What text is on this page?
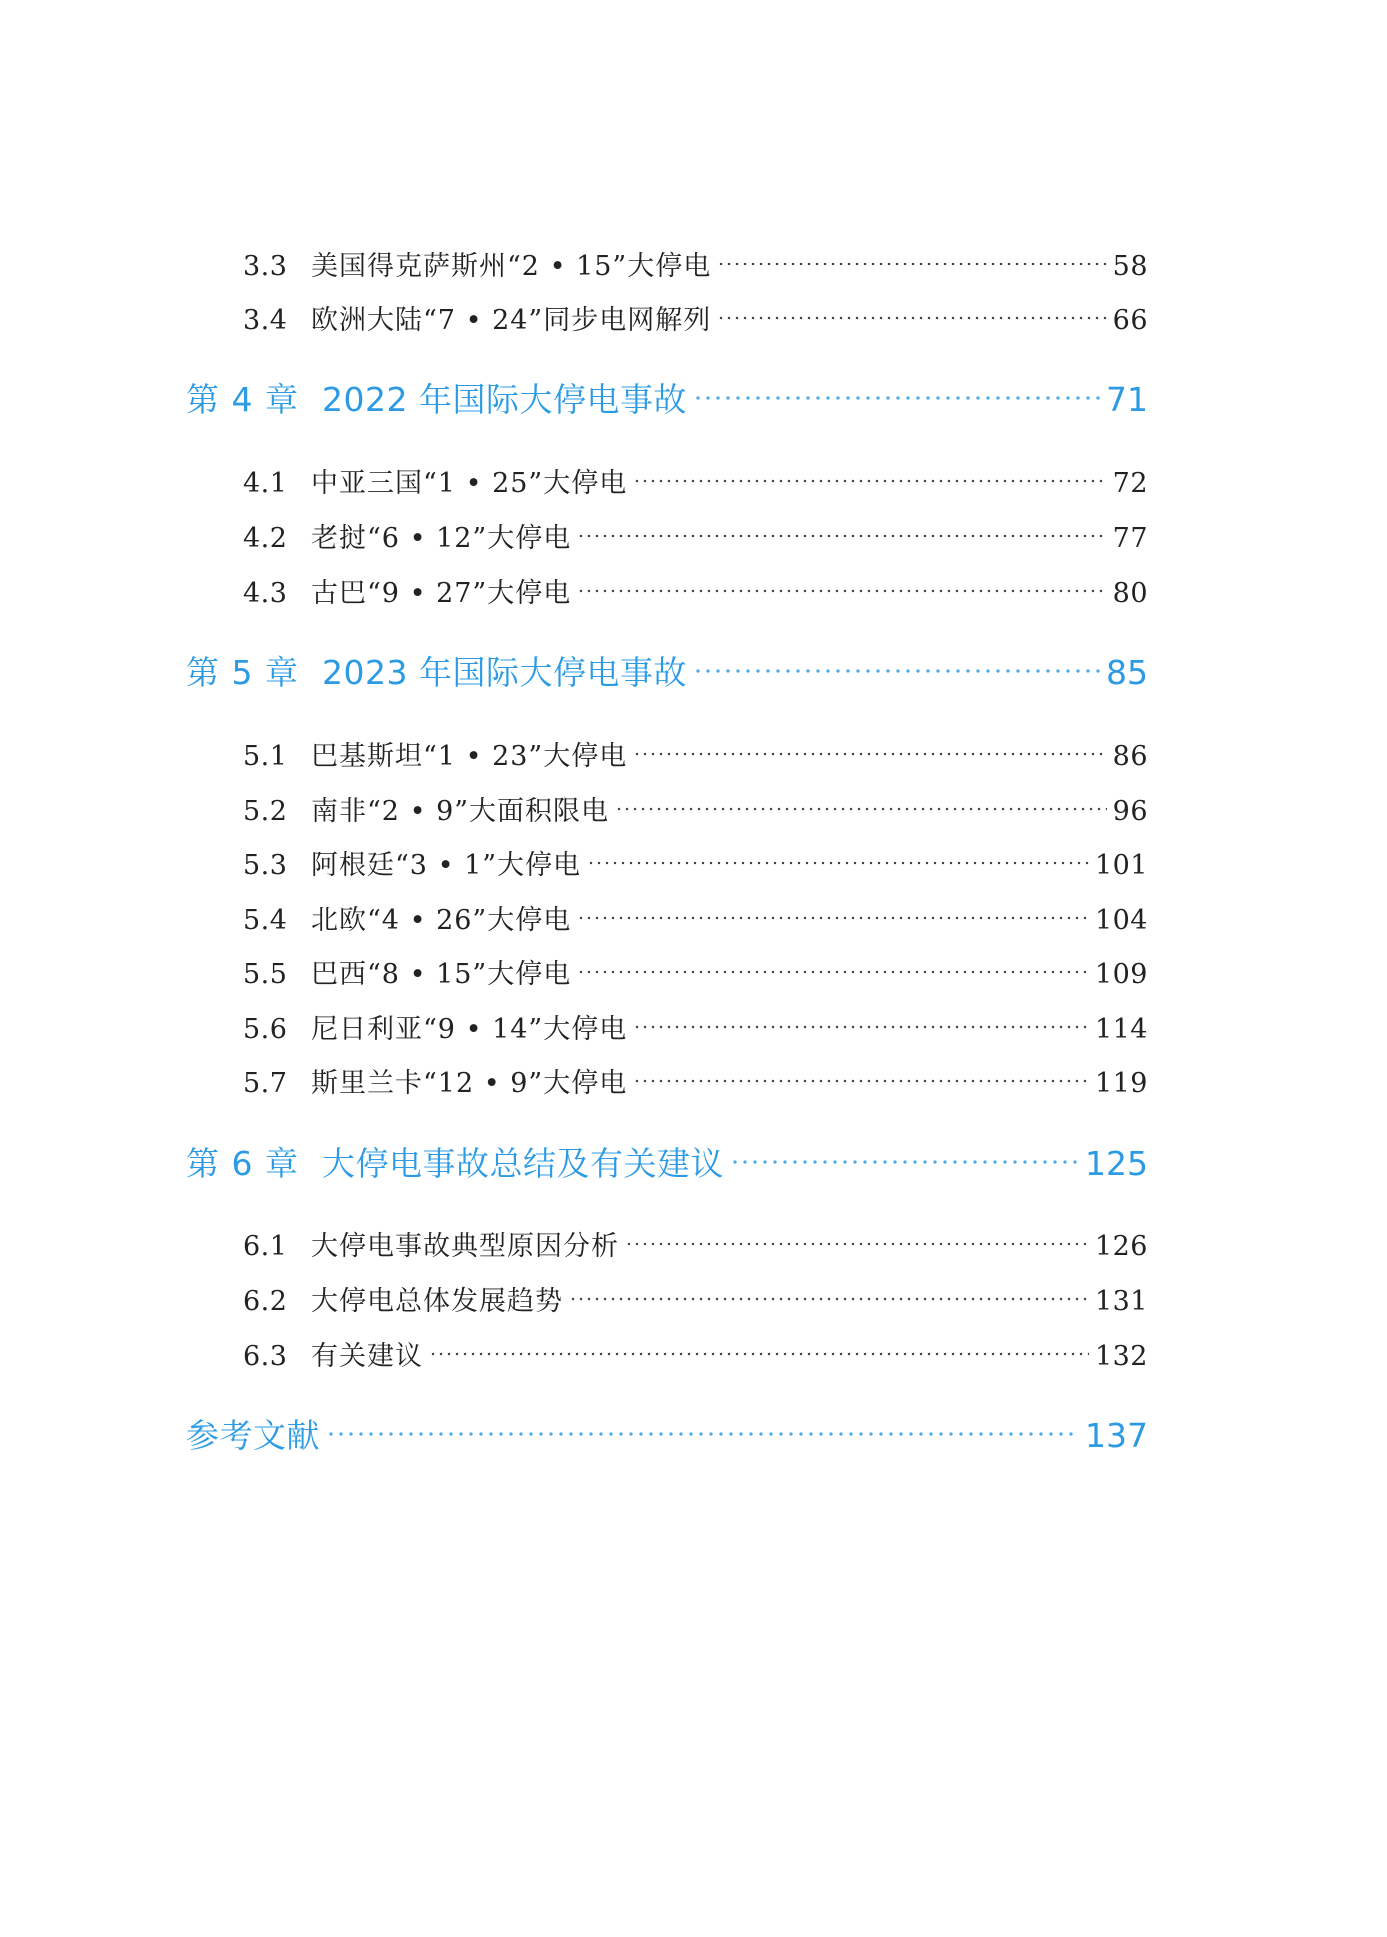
3.3 美国得克萨斯州“2 • 15”大停电	58
3.4 欧洲大陆“7 • 24”同步电网解列	66
第 4 章 2022 年国际大停电事故	71
4.1 中亚三国“1 • 25”大停电	72
4.2 老挝“6 • 12”大停电	77
4.3 古巴“9 • 27”大停电	80
第 5 章 2023 年国际大停电事故	85
5.1 巴基斯坦“1 • 23”大停电	86
5.2 南非“2 • 9”大面积限电	96
5.3 阿根廷“3 • 1”大停电	101
5.4 北欧“4 • 26”大停电	104
5.5 巴西“8 • 15”大停电	109
5.6 尼日利亚“9 • 14”大停电	114
5.7 斯里兰卡“12 • 9”大停电	119
第 6 章 大停电事故总结及有关建议	125
6.1 大停电事故典型原因分析	126
6.2 大停电总体发展趋势	131
6.3 有关建议	132
参考文献	137
